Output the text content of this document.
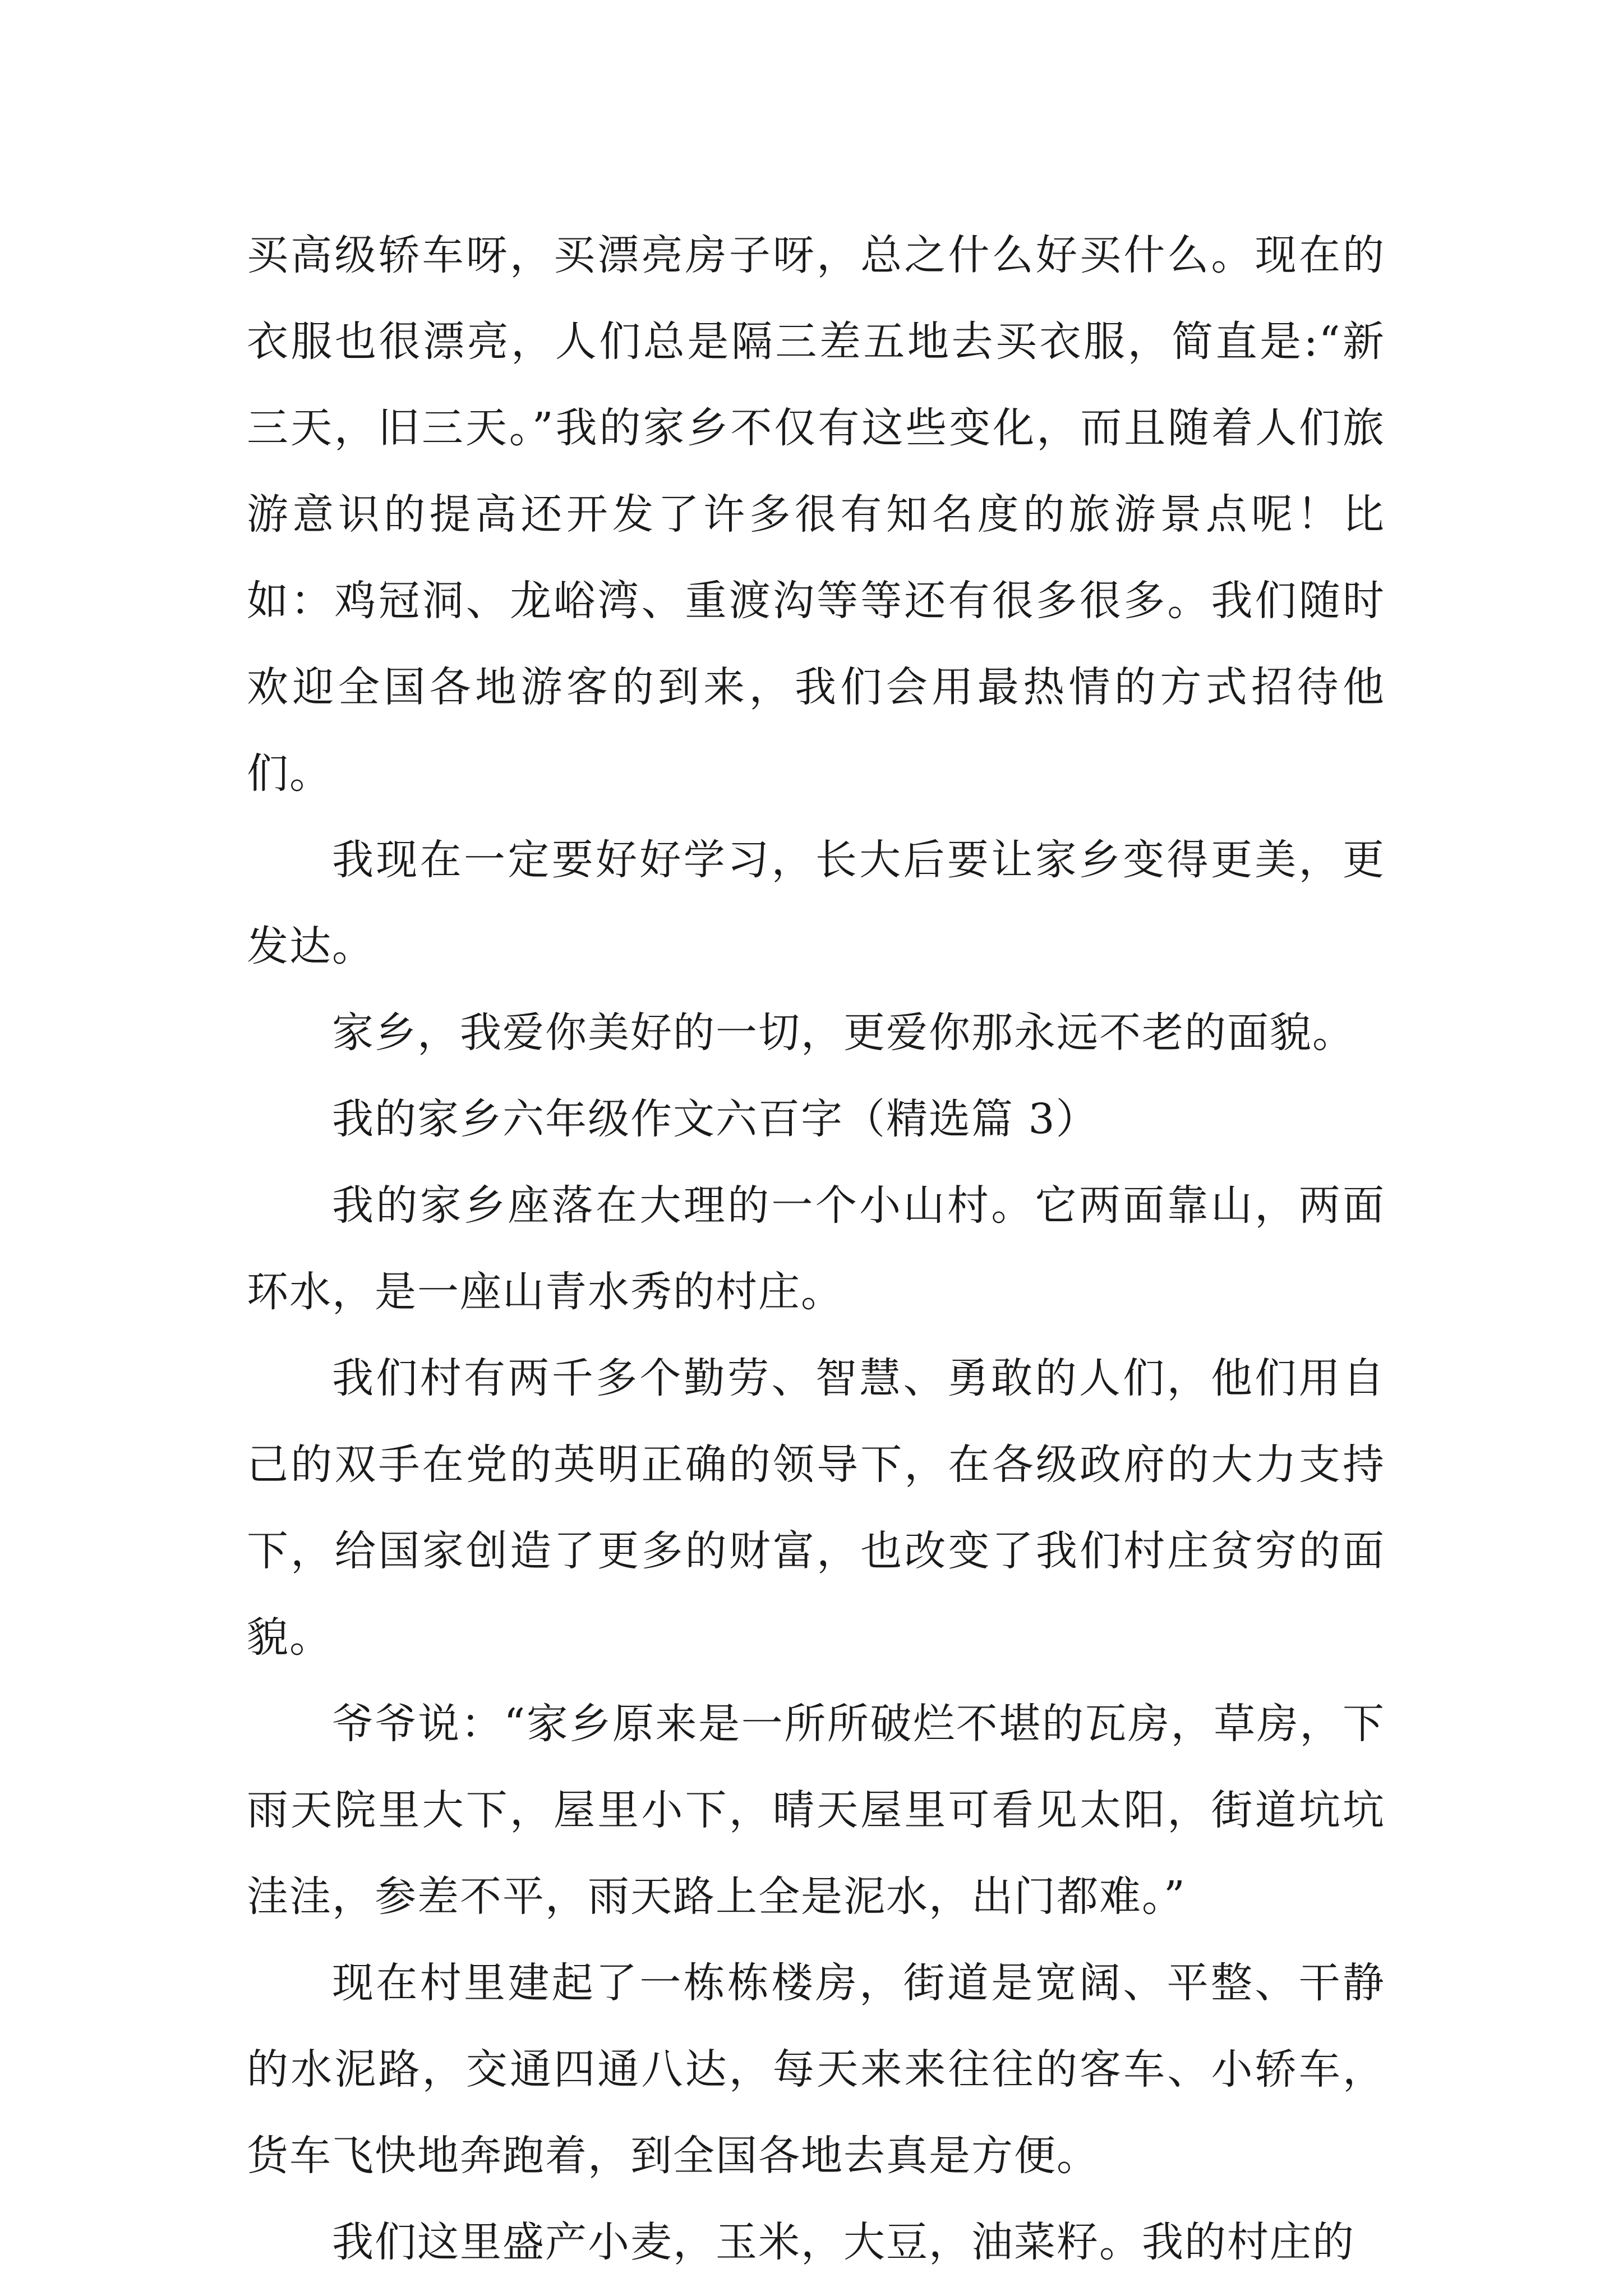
买高级轿车呀，买漂亮房子呀，总之什么好买什么。现在的衣服也很漂亮，人们总是隔三差五地去买衣服，简直是:“新三天，旧三天。”我的家乡不仅有这些变化，而且随着人们旅游意识的提高还开发了许多很有知名度的旅游景点呢！比如：鸡冠洞、龙峪湾、重渡沟等等还有很多很多。我们随时欢迎全国各地游客的到来，我们会用最热情的方式招待他们。

我现在一定要好好学习，长大后要让家乡变得更美，更发达。

家乡，我爱你美好的一切，更爱你那永远不老的面貌。

我的家乡六年级作文六百字（精选篇 3）

我的家乡座落在大理的一个小山村。它两面靠山，两面环水，是一座山青水秀的村庄。

我们村有两千多个勤劳、智慧、勇敢的人们，他们用自己的双手在党的英明正确的领导下，在各级政府的大力支持下，给国家创造了更多的财富，也改变了我们村庄贫穷的面貌。

爷爷说：“家乡原来是一所所破烂不堪的瓦房，草房，下雨天院里大下，屋里小下，晴天屋里可看见太阳，街道坑坑洼洼，参差不平，雨天路上全是泥水，出门都难。”

现在村里建起了一栋栋楼房，街道是宽阔、平整、干静的水泥路，交通四通八达，每天来来往往的客车、小轿车，货车飞快地奔跑着，到全国各地去真是方便。

我们这里盛产小麦，玉米，大豆，油菜籽。我的村庄的
